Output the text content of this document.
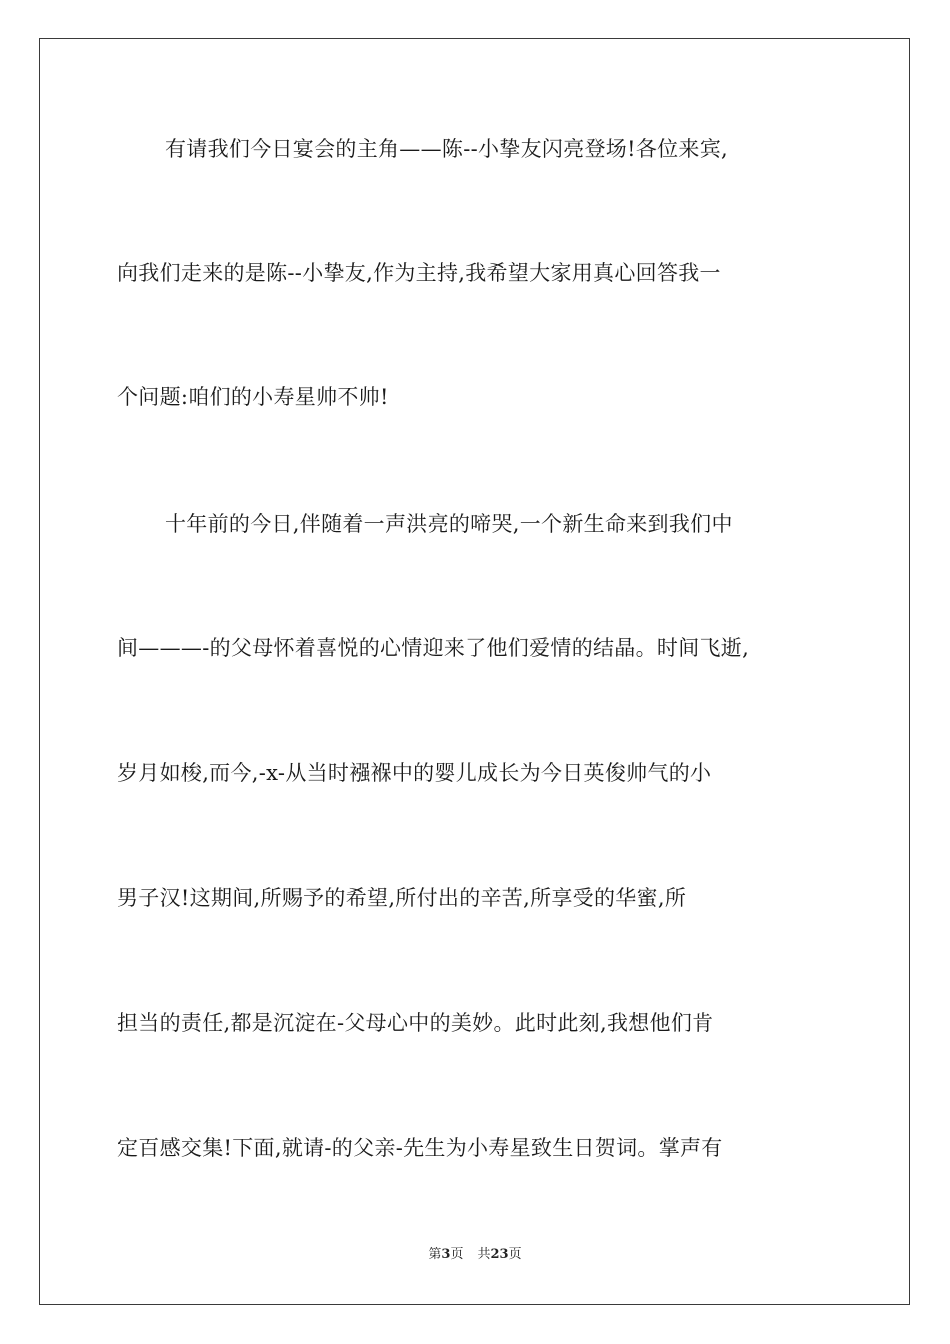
有请我们今日宴会的主角——陈--小挚友闪亮登场!各位来宾,
向我们走来的是陈--小挚友,作为主持,我希望大家用真心回答我一
个问题:咱们的小寿星帅不帅!
十年前的今日,伴随着一声洪亮的啼哭,一个新生命来到我们中
间———-的父母怀着喜悦的心情迎来了他们爱情的结晶。时间飞逝,
岁月如梭,而今,-x-从当时襁褓中的婴儿成长为今日英俊帅气的小
男子汉!这期间,所赐予的希望,所付出的辛苦,所享受的华蜜,所
担当的责任,都是沉淀在-父母心中的美妙。此时此刻,我想他们肯
定百感交集!下面,就请-的父亲-先生为小寿星致生日贺词。掌声有
第3页 共23页
